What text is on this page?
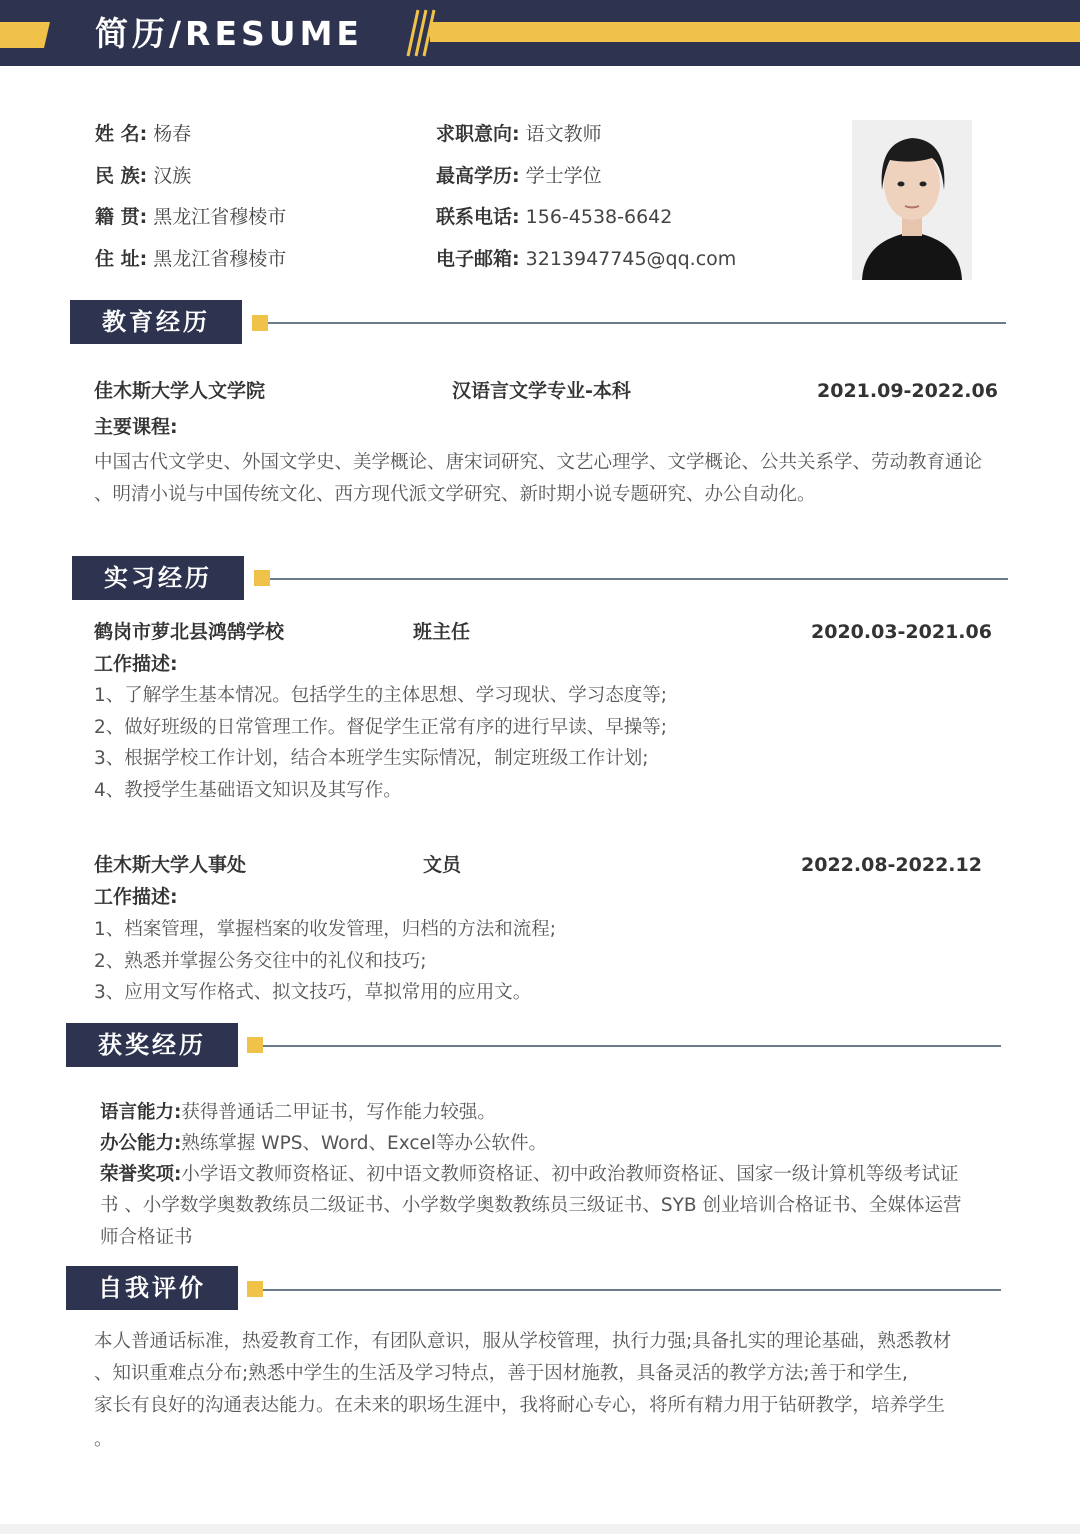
简历/RESUME
姓 名: 杨春
民 族: 汉族
籍 贯: 黑龙江省穆棱市
住 址: 黑龙江省穆棱市
求职意向: 语文教师
最高学历: 学士学位
联系电话: 156-4538-6642
电子邮箱: 3213947745@qq.com
教育经历
佳木斯大学人文学院	汉语言文学专业-本科	2021.09-2022.06
主要课程:
中国古代文学史、外国文学史、美学概论、唐宋词研究、文艺心理学、文学概论、公共关系学、劳动教育通论
、明清小说与中国传统文化、西方现代派文学研究、新时期小说专题研究、办公自动化。
实习经历
鹤岗市萝北县鸿鹄学校	班主任	2020.03-2021.06
工作描述:
1、了解学生基本情况。包括学生的主体思想、学习现状、学习态度等;
2、做好班级的日常管理工作。督促学生正常有序的进行早读、早操等;
3、根据学校工作计划，结合本班学生实际情况，制定班级工作计划;
4、教授学生基础语文知识及其写作。
佳木斯大学人事处	文员	2022.08-2022.12
工作描述:
1、档案管理，掌握档案的收发管理，归档的方法和流程;
2、熟悉并掌握公务交往中的礼仪和技巧;
3、应用文写作格式、拟文技巧，草拟常用的应用文。
获奖经历
语言能力:获得普通话二甲证书，写作能力较强。
办公能力:熟练掌握 WPS、Word、Excel等办公软件。
荣誉奖项:小学语文教师资格证、初中语文教师资格证、初中政治教师资格证、国家一级计算机等级考试证
书 、小学数学奥数教练员二级证书、小学数学奥数教练员三级证书、SYB 创业培训合格证书、全媒体运营
师合格证书
自我评价
本人普通话标准，热爱教育工作，有团队意识，服从学校管理，执行力强;具备扎实的理论基础，熟悉教材
、知识重难点分布;熟悉中学生的生活及学习特点，善于因材施教，具备灵活的教学方法;善于和学生,
家长有良好的沟通表达能力。在未来的职场生涯中，我将耐心专心，将所有精力用于钻研教学，培养学生
。
